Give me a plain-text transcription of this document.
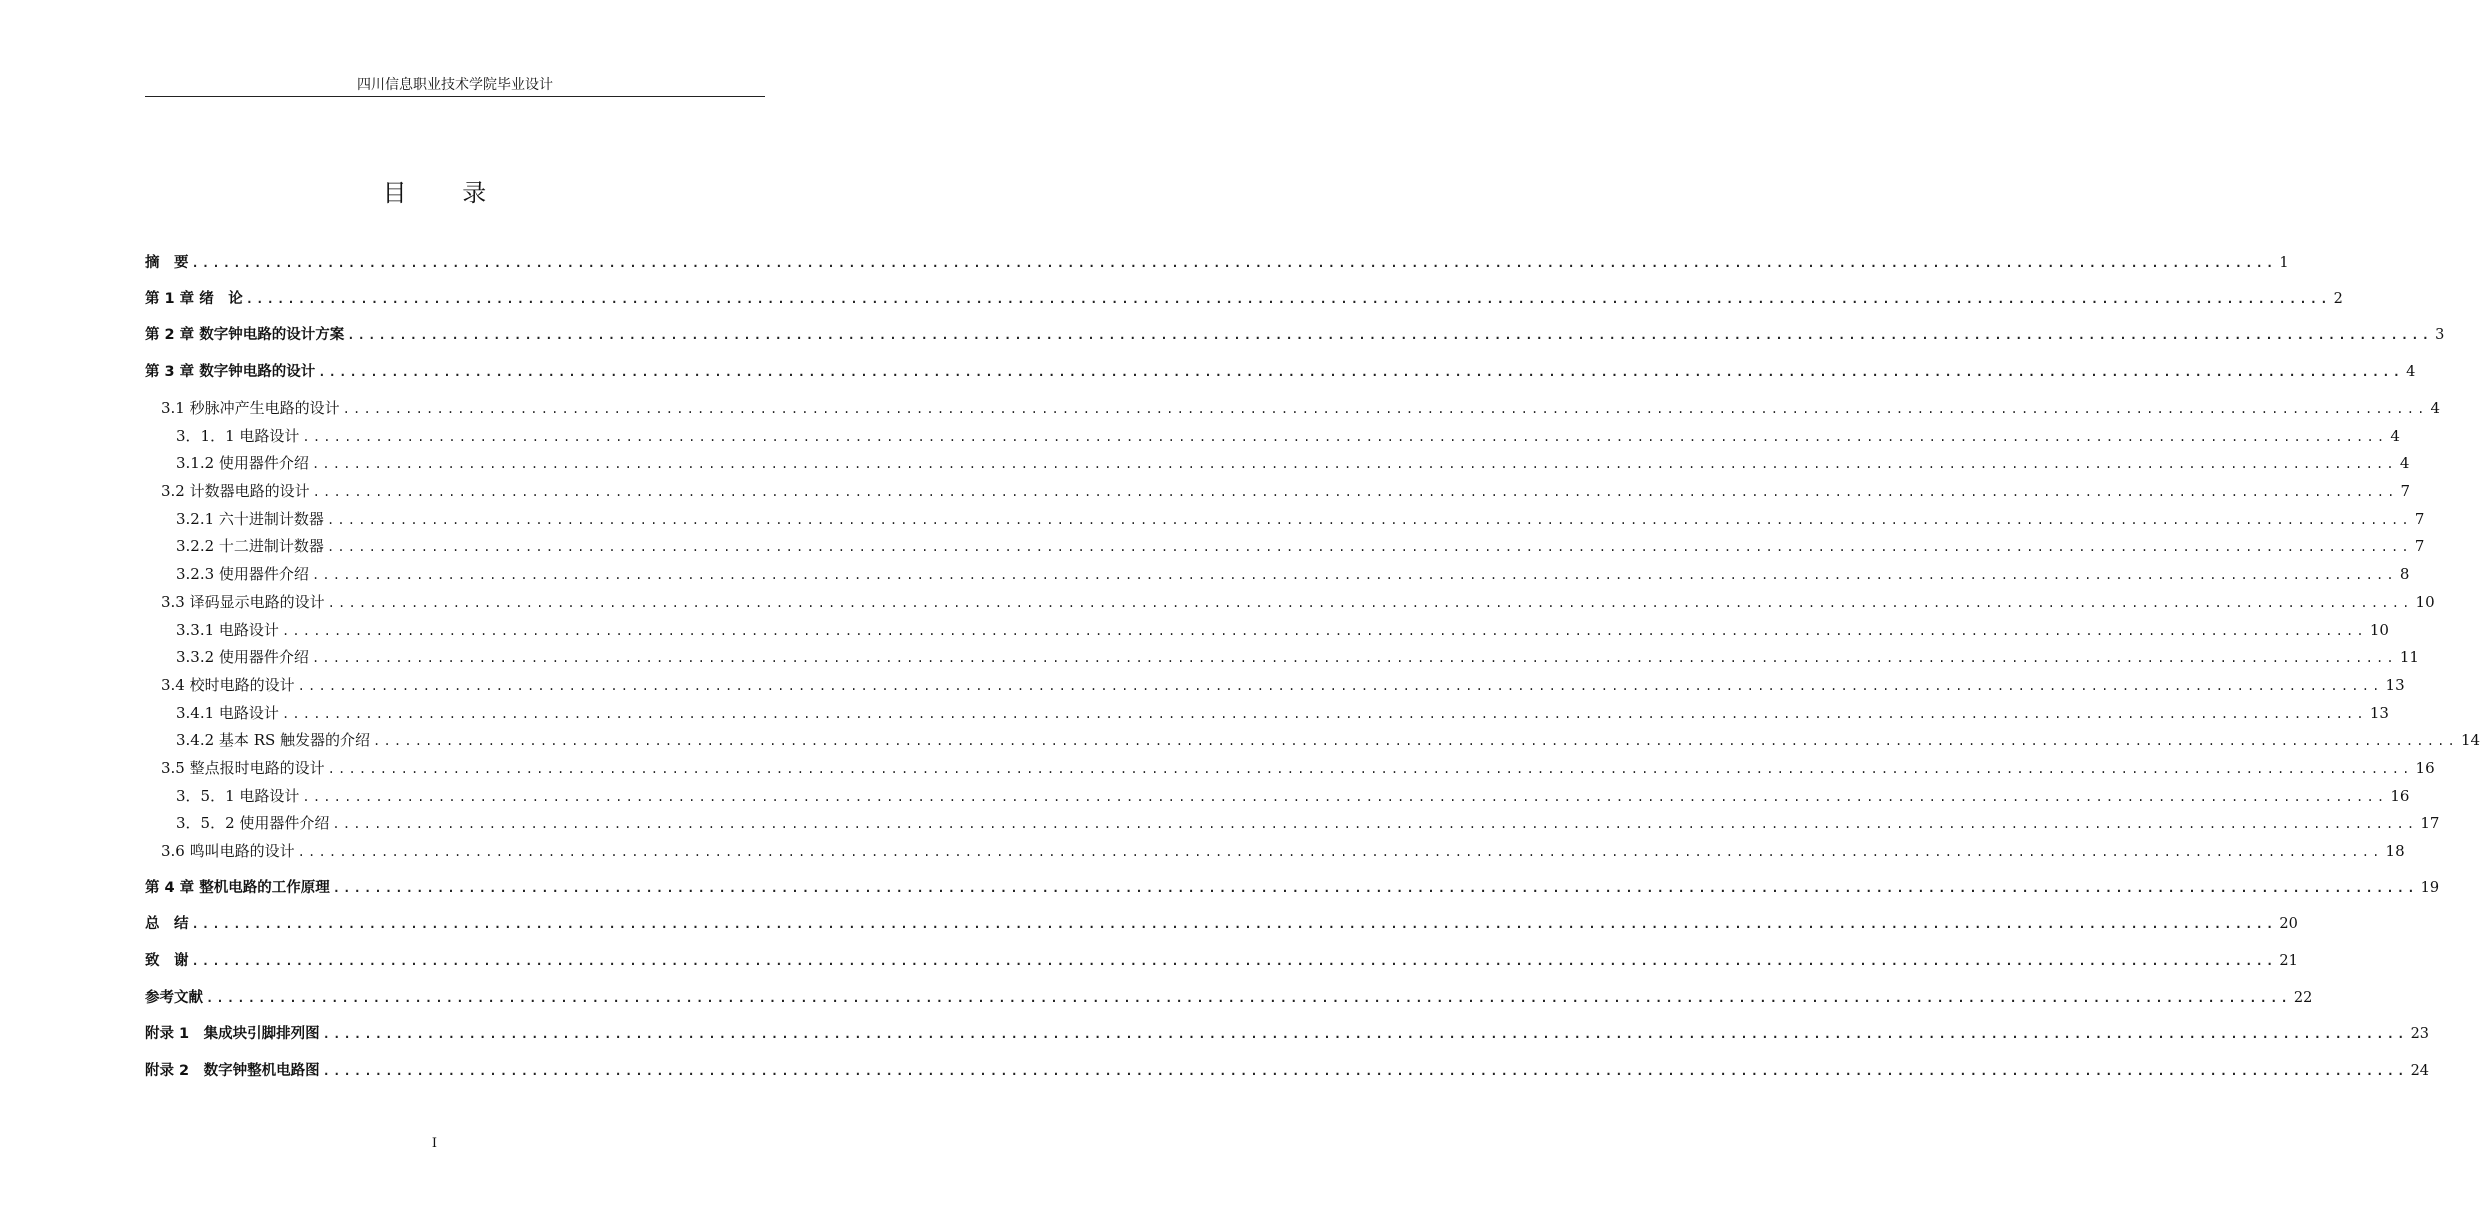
四川信息职业技术学院毕业设计
目 录
摘　要 ........................................................................................................................................................................................................ 1
第 1 章 绪　论 ........................................................................................................................................................................................................ 2
第 2 章 数字钟电路的设计方案 ........................................................................................................................................................................................................ 3
第 3 章 数字钟电路的设计 ........................................................................................................................................................................................................ 4
3.1 秒脉冲产生电路的设计 ........................................................................................................................................................................................................ 4
3．1．1 电路设计 ........................................................................................................................................................................................................ 4
3.1.2 使用器件介绍 ........................................................................................................................................................................................................ 4
3.2 计数器电路的设计 ........................................................................................................................................................................................................ 7
3.2.1 六十进制计数器 ........................................................................................................................................................................................................ 7
3.2.2 十二进制计数器 ........................................................................................................................................................................................................ 7
3.2.3 使用器件介绍 ........................................................................................................................................................................................................ 8
3.3 译码显示电路的设计 ........................................................................................................................................................................................................ 10
3.3.1 电路设计 ........................................................................................................................................................................................................ 10
3.3.2 使用器件介绍 ........................................................................................................................................................................................................ 11
3.4 校时电路的设计 ........................................................................................................................................................................................................ 13
3.4.1 电路设计 ........................................................................................................................................................................................................ 13
3.4.2 基本 RS 触发器的介绍 ........................................................................................................................................................................................................ 14
3.5 整点报时电路的设计 ........................................................................................................................................................................................................ 16
3．5．1 电路设计 ........................................................................................................................................................................................................ 16
3．5．2 使用器件介绍 ........................................................................................................................................................................................................ 17
3.6 鸣叫电路的设计 ........................................................................................................................................................................................................ 18
第 4 章 整机电路的工作原理 ........................................................................................................................................................................................................ 19
总　结 ........................................................................................................................................................................................................ 20
致　谢 ........................................................................................................................................................................................................ 21
参考文献 ........................................................................................................................................................................................................ 22
附录 1　集成块引脚排列图 ........................................................................................................................................................................................................ 23
附录 2　数字钟整机电路图 ........................................................................................................................................................................................................ 24
I
